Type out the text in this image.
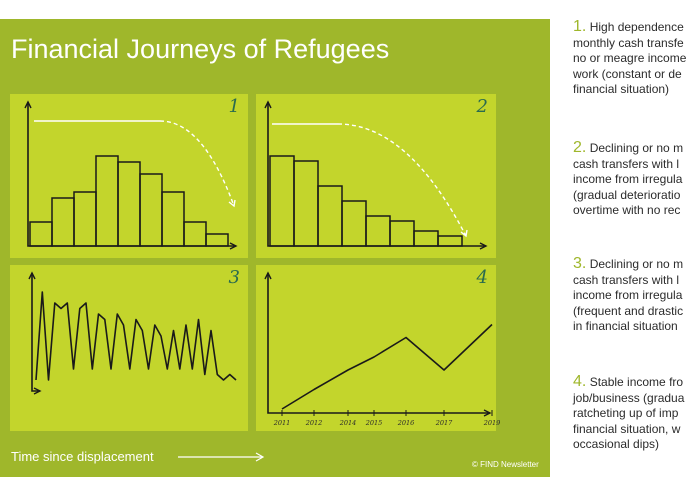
Financial Journeys of Refugees
1	2
3
2011 2012	2014 2015 2016	2017	2019
4
Time since displacement
© FIND Newsletter
1. High dependence
monthly cash transfe
no or meagre income
work (constant or de
financial situation)
2. Declining or no m
cash transfers with l
income from irregula
(gradual deterioratio
overtime with no rec
3. Declining or no m
cash transfers with l
income from irregula
(frequent and drastic
in financial situation
4. Stable income fro
job/business (gradua
ratcheting up of imp
financial situation, w
occasional dips)
